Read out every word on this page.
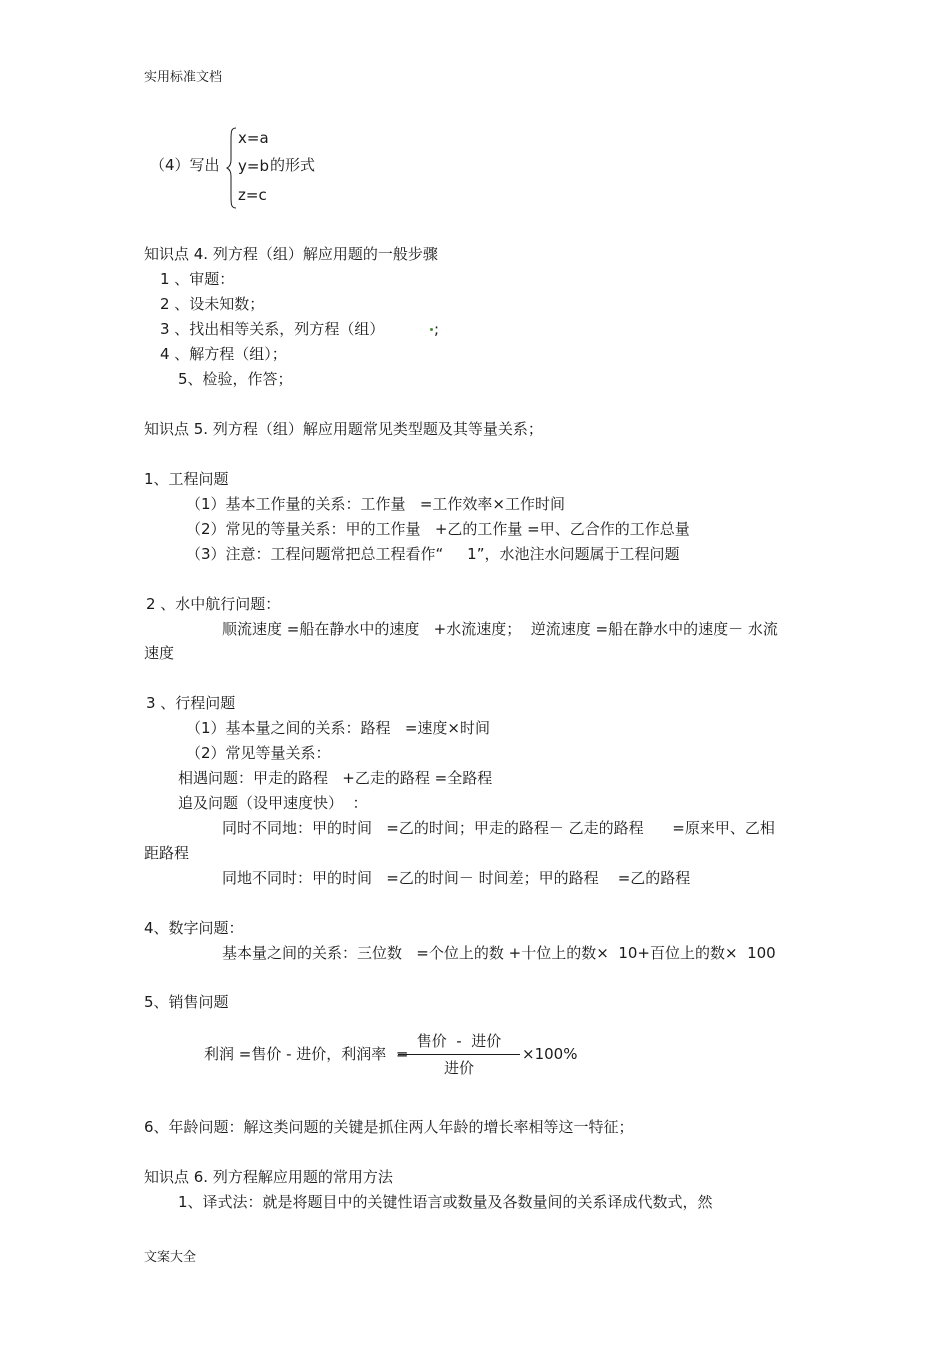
实用标准文档
（4）写出
x=a
y=b 的形式
z=c
知识点 4. 列方程（组）解应用题的一般步骤
1 、审题：
2 、设未知数；
3 、找出相等关系，列方程（组）	;
4 、解方程（组）；
5、检验，作答；
知识点 5. 列方程（组）解应用题常见类型题及其等量关系；
1、工程问题
（1）基本工作量的关系：工作量   =工作效率×工作时间
（2）常见的等量关系：甲的工作量   +乙的工作量 =甲、乙合作的工作总量
（3）注意：工程问题常把总工程看作“     1”，水池注水问题属于工程问题
2 、水中航行问题：
顺流速度 =船在静水中的速度   +水流速度；  逆流速度 =船在静水中的速度－ 水流
速度
3 、行程问题
（1）基本量之间的关系：路程   =速度×时间
（2）常见等量关系：
相遇问题：甲走的路程   +乙走的路程 =全路程
追及问题（设甲速度快）  ：
同时不同地：甲的时间   =乙的时间；甲走的路程－ 乙走的路程      =原来甲、乙相
距路程
同地不同时：甲的时间   =乙的时间－ 时间差；甲的路程    =乙的路程
4、数字问题：
基本量之间的关系：三位数   =个位上的数 +十位上的数×  10+百位上的数×  100
5、销售问题
利润 =售价 - 进价，利润率  =
售价  -  进价
进价
×100%
6、年龄问题：解这类问题的关键是抓住两人年龄的增长率相等这一特征；
知识点 6. 列方程解应用题的常用方法
1、译式法：就是将题目中的关键性语言或数量及各数量间的关系译成代数式，然
文案大全
